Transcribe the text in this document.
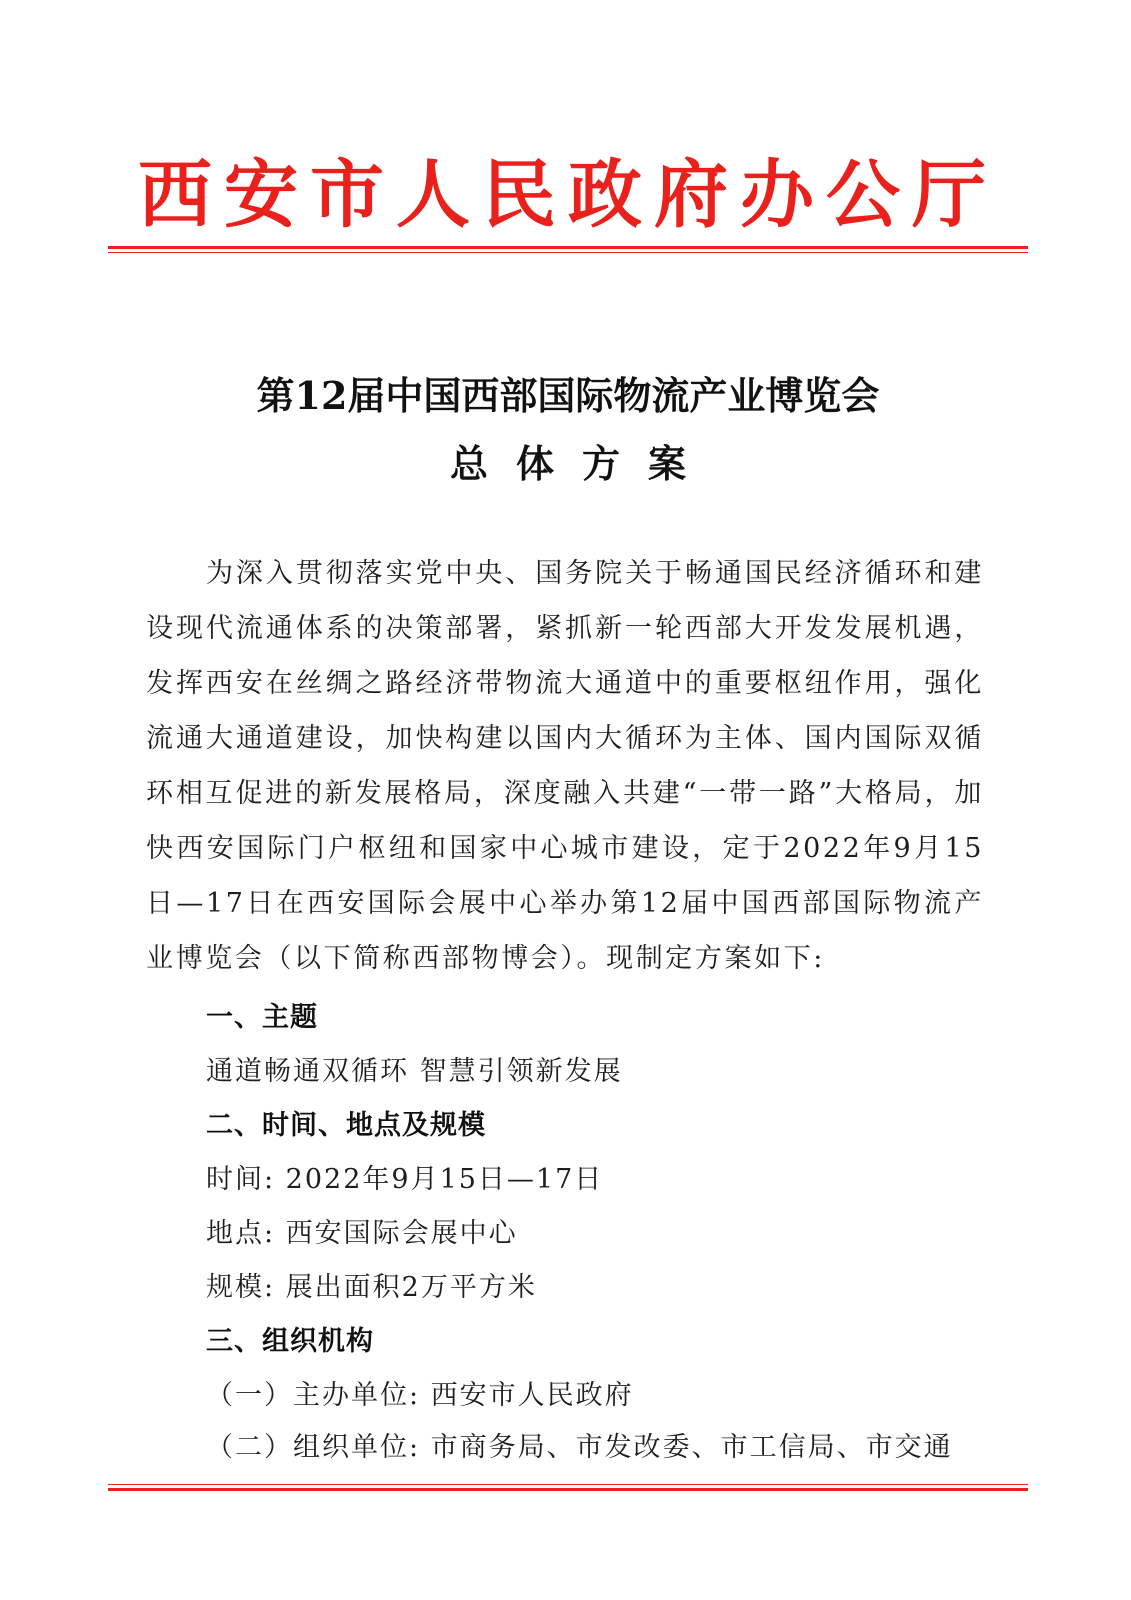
西安市人民政府办公厅
第12届中国西部国际物流产业博览会
总体方案
为深入贯彻落实党中央、国务院关于畅通国民经济循环和建设现代流通体系的决策部署，紧抓新一轮西部大开发发展机遇，发挥西安在丝绸之路经济带物流大通道中的重要枢纽作用，强化流通大通道建设，加快构建以国内大循环为主体、国内国际双循环相互促进的新发展格局，深度融入共建“一带一路”大格局，加快西安国际门户枢纽和国家中心城市建设，定于2022年9月15日—17日在西安国际会展中心举办第12届中国西部国际物流产业博览会（以下简称西部物博会）。现制定方案如下:
一、主题
通道畅通双循环 智慧引领新发展
二、时间、地点及规模
时间: 2022年9月15日—17日
地点: 西安国际会展中心
规模: 展出面积2万平方米
三、组织机构
（一）主办单位: 西安市人民政府
（二）组织单位: 市商务局、市发改委、市工信局、市交通
